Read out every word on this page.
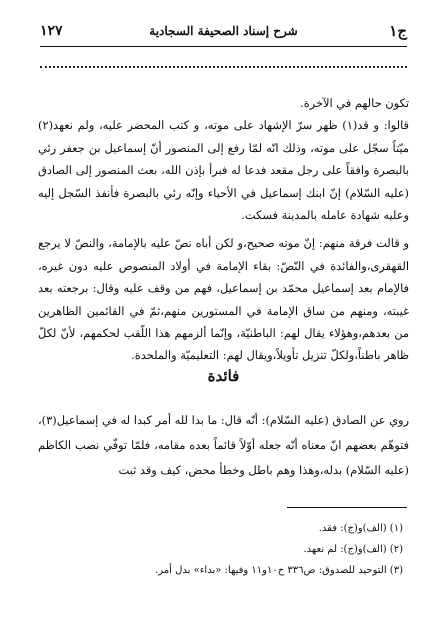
ج١
شرح إسناد الصحيفة السجادية
١٢٧

تكون حالهم في الآخرة.

قالوا: و قد(١) ظهر سرّ الإشهاد على موته، و كتب المحضر عليه، ولم نعهد(٢) ميّتاً سجّل على موته، وذلك انّه لمّا رفع إلى المنصور أنّ إسماعيل بن جعفر رئي بالبصرة وافقاً على رجل مقعد فدعا له فبرأ بإذن الله، بعث المنصور إلى الصادق (عليه السّلام) إنّ ابنك إسماعيل في الأحياء وإنّه رئي بالبصرة فأنفذ السّجل إليه وعليه شهادة عامله بالمدينة فسكت.

و قالت فرقة منهم: إنّ موته صحيح،و لكن أباه نصّ عليه بالإمامة، والنصّ لا يرجع القهقرى،والفائدة في النّصّ: بقاء الإمامة في أولاد المنصوص عليه دون غيره، فالإمام بعد إسماعيل محمّد بن إسماعيل، فهم من وقف عليه وقال: برجعته بعد غيبته، ومنهم من ساق الإمامة في المستورين منهم،ثمّ في القائمين الظاهرين من بعدهم،وهؤلاء يقال لهم: الباطنيّة، وإنّما ألزمهم هذا اللّقب لحكمهم، لأنّ لكلّ ظاهر باطناً،ولكلّ تنزيل تأويلاً،ويقال لهم: التعليميّة والملحدة.

فائدة

روي عن الصادق (عليه السّلام): أنّه قال: ما بدا لله أمر كبدا له في إسماعيل(٣)، فتوهّم بعضهم انّ معناه أنّه جعله أوّلاً قائماً بعده مقامه، فلمّا توفّي نصب الكاظم (عليه السّلام) بدله،وهذا وهم باطل وخطأ محض، كيف وقد ثبت

(١) (الف)و(ج): فقد.
(٢) (الف)و(ج): لم نعهد.
(٣) التوحيد للصدوق: ص٣٣٦ ح١٠و١١ وفيها: «بداء» بدل أمر.
